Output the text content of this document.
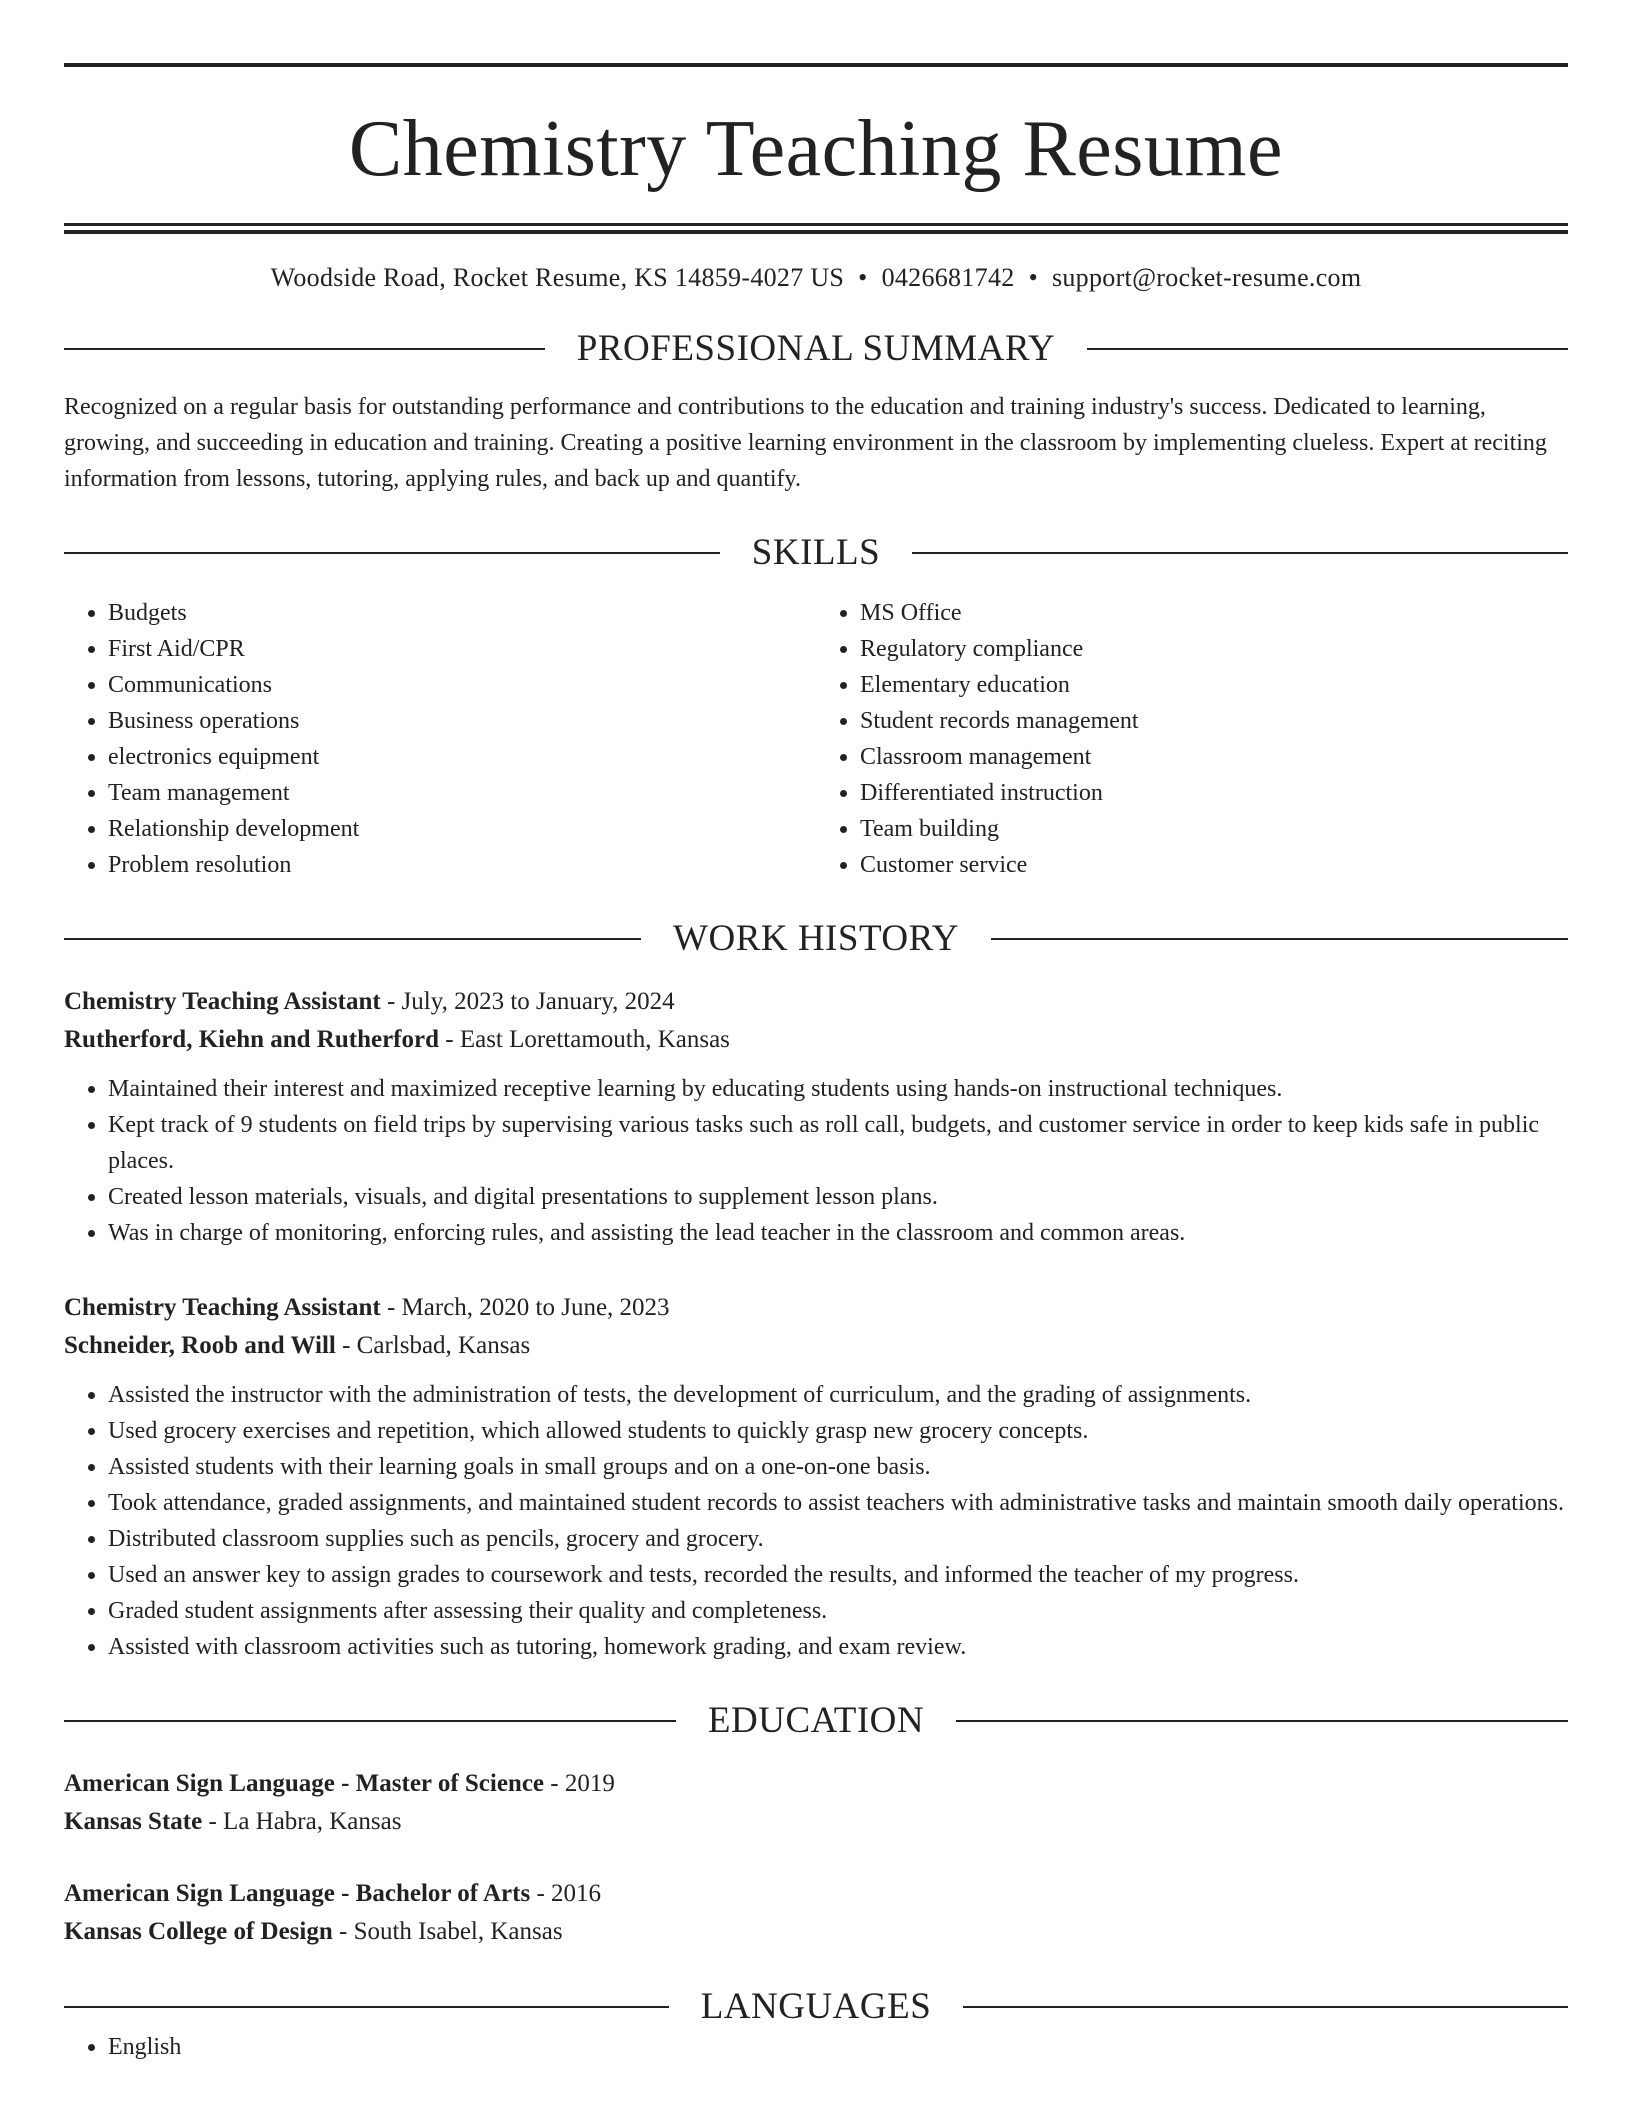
Chemistry Teaching Resume
Woodside Road, Rocket Resume, KS 14859-4027 US • 0426681742 • support@rocket-resume.com
PROFESSIONAL SUMMARY

Recognized on a regular basis for outstanding performance and contributions to the education and training industry's success. Dedicated to learning, growing, and succeeding in education and training. Creating a positive learning environment in the classroom by implementing clueless. Expert at reciting information from lessons, tutoring, applying rules, and back up and quantify.

SKILLS
• Budgets
• First Aid/CPR
• Communications
• Business operations
• electronics equipment
• Team management
• Relationship development
• Problem resolution
• MS Office
• Regulatory compliance
• Elementary education
• Student records management
• Classroom management
• Differentiated instruction
• Team building
• Customer service
WORK HISTORY
Chemistry Teaching Assistant - July, 2023 to January, 2024
Rutherford, Kiehn and Rutherford - East Lorettamouth, Kansas
• Maintained their interest and maximized receptive learning by educating students using hands-on instructional techniques.
• Kept track of 9 students on field trips by supervising various tasks such as roll call, budgets, and customer service in order to keep kids safe in public places.
• Created lesson materials, visuals, and digital presentations to supplement lesson plans.
• Was in charge of monitoring, enforcing rules, and assisting the lead teacher in the classroom and common areas.
Chemistry Teaching Assistant - March, 2020 to June, 2023
Schneider, Roob and Will - Carlsbad, Kansas
• Assisted the instructor with the administration of tests, the development of curriculum, and the grading of assignments.
• Used grocery exercises and repetition, which allowed students to quickly grasp new grocery concepts.
• Assisted students with their learning goals in small groups and on a one-on-one basis.
• Took attendance, graded assignments, and maintained student records to assist teachers with administrative tasks and maintain smooth daily operations.
• Distributed classroom supplies such as pencils, grocery and grocery.
• Used an answer key to assign grades to coursework and tests, recorded the results, and informed the teacher of my progress.
• Graded student assignments after assessing their quality and completeness.
• Assisted with classroom activities such as tutoring, homework grading, and exam review.
EDUCATION
American Sign Language - Master of Science - 2019
Kansas State - La Habra, Kansas
American Sign Language - Bachelor of Arts - 2016
Kansas College of Design - South Isabel, Kansas
LANGUAGES
• English
